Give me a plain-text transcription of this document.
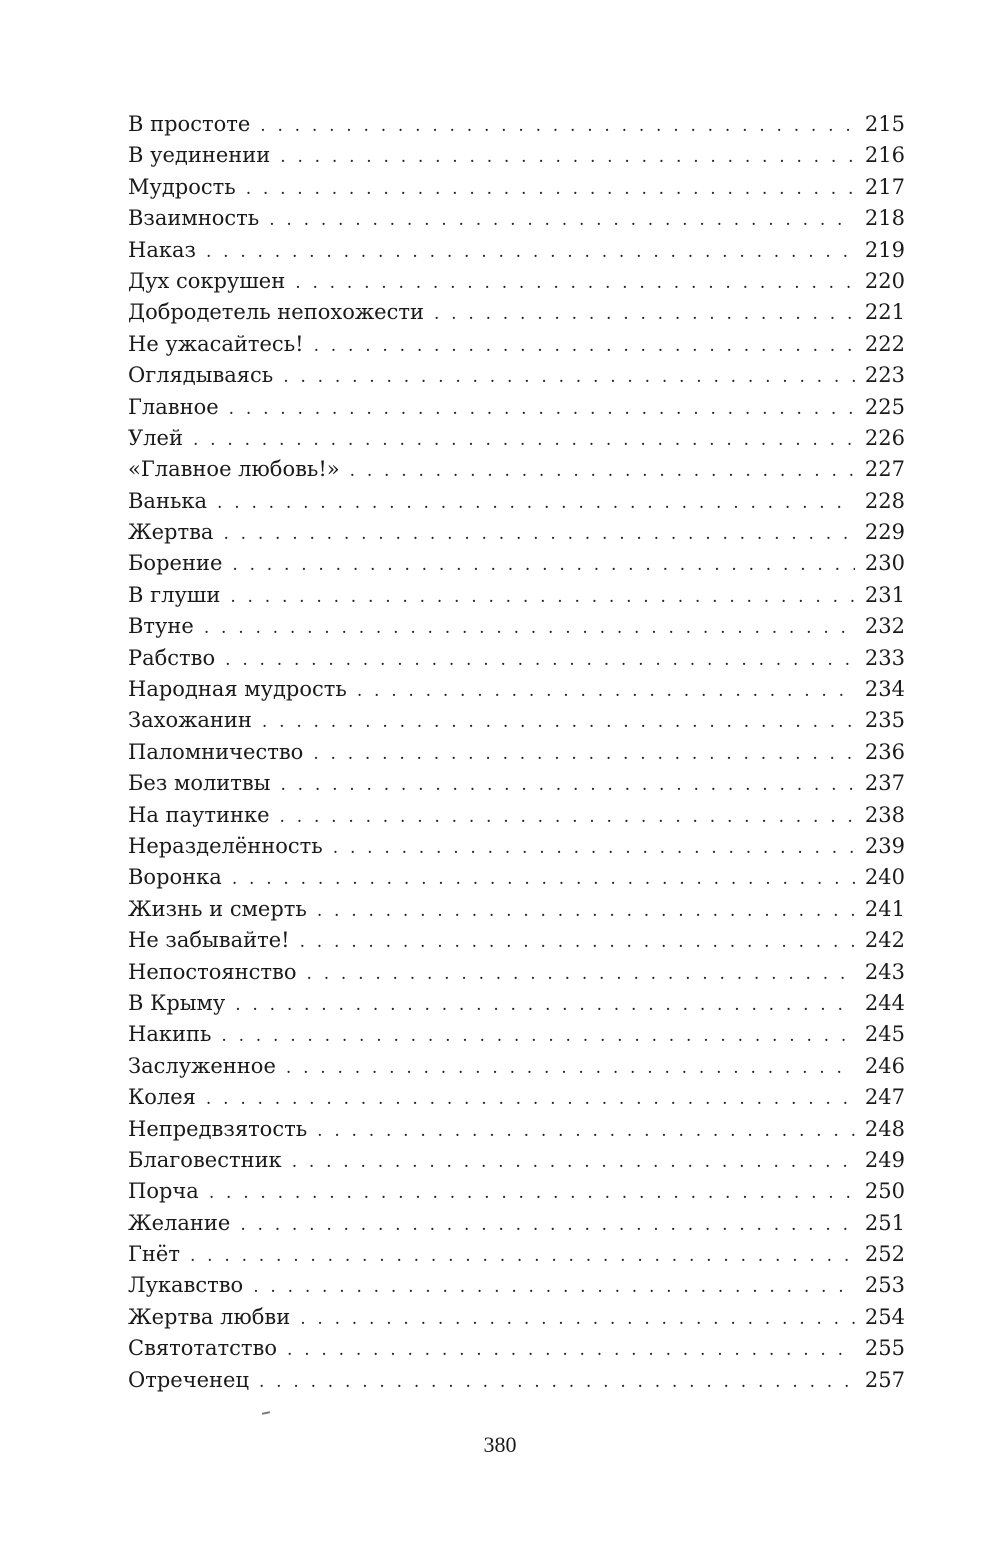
В простоте . . .	215
В уединении . . .	216
Мудрость . . .	217
Взаимность . . .	218
Наказ . . .	219
Дух сокрушен . . .	220
Добродетель непохожести . . .	221
Не ужасайтесь! . . .	222
Оглядываясь . . .	223
Главное . . .	225
Улей . . .	226
«Главное любовь!» . . .	227
Ванька . . .	228
Жертва . . .	229
Борение . . .	230
В глуши . . .	231
Втуне . . .	232
Рабство . . .	233
Народная мудрость . . .	234
Захожанин . . .	235
Паломничество . . .	236
Без молитвы . . .	237
На паутинке . . .	238
Неразделённость . . .	239
Воронка . . .	240
Жизнь и смерть . . .	241
Не забывайте! . . .	242
Непостоянство . . .	243
В Крыму . . .	244
Накипь . . .	245
Заслуженное . . .	246
Колея . . .	247
Непредвзятость . . .	248
Благовестник . . .	249
Порча . . .	250
Желание . . .	251
Гнёт . . .	252
Лукавство . . .	253
Жертва любви . . .	254
Святотатство . . .	255
Отреченец . . .	257
380
